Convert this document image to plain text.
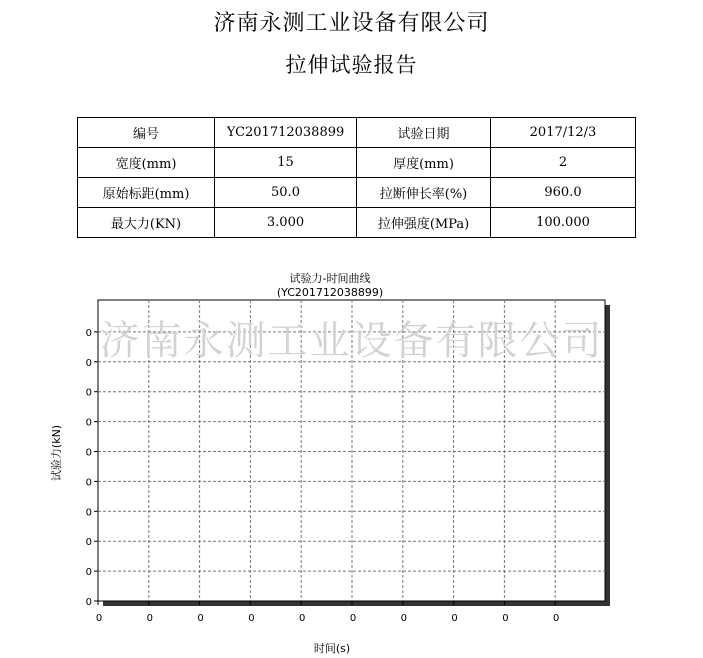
济南永测工业设备有限公司
拉伸试验报告
编号	YC201712038899	试验日期	2017/12/3
宽度(mm)	15	厚度(mm)	2
原始标距(mm)	50.0	拉断伸长率(%)	960.0
最大力(KN)	3.000	拉伸强度(MPa)	100.000
试验力-时间曲线
(YC201712038899)
0
0
0
0
0
0
0
0
0
0
0	0	0	0	0	0	0	0	0	0
时间(s)
试验力(kN)
济南永测工业设备有限公司
